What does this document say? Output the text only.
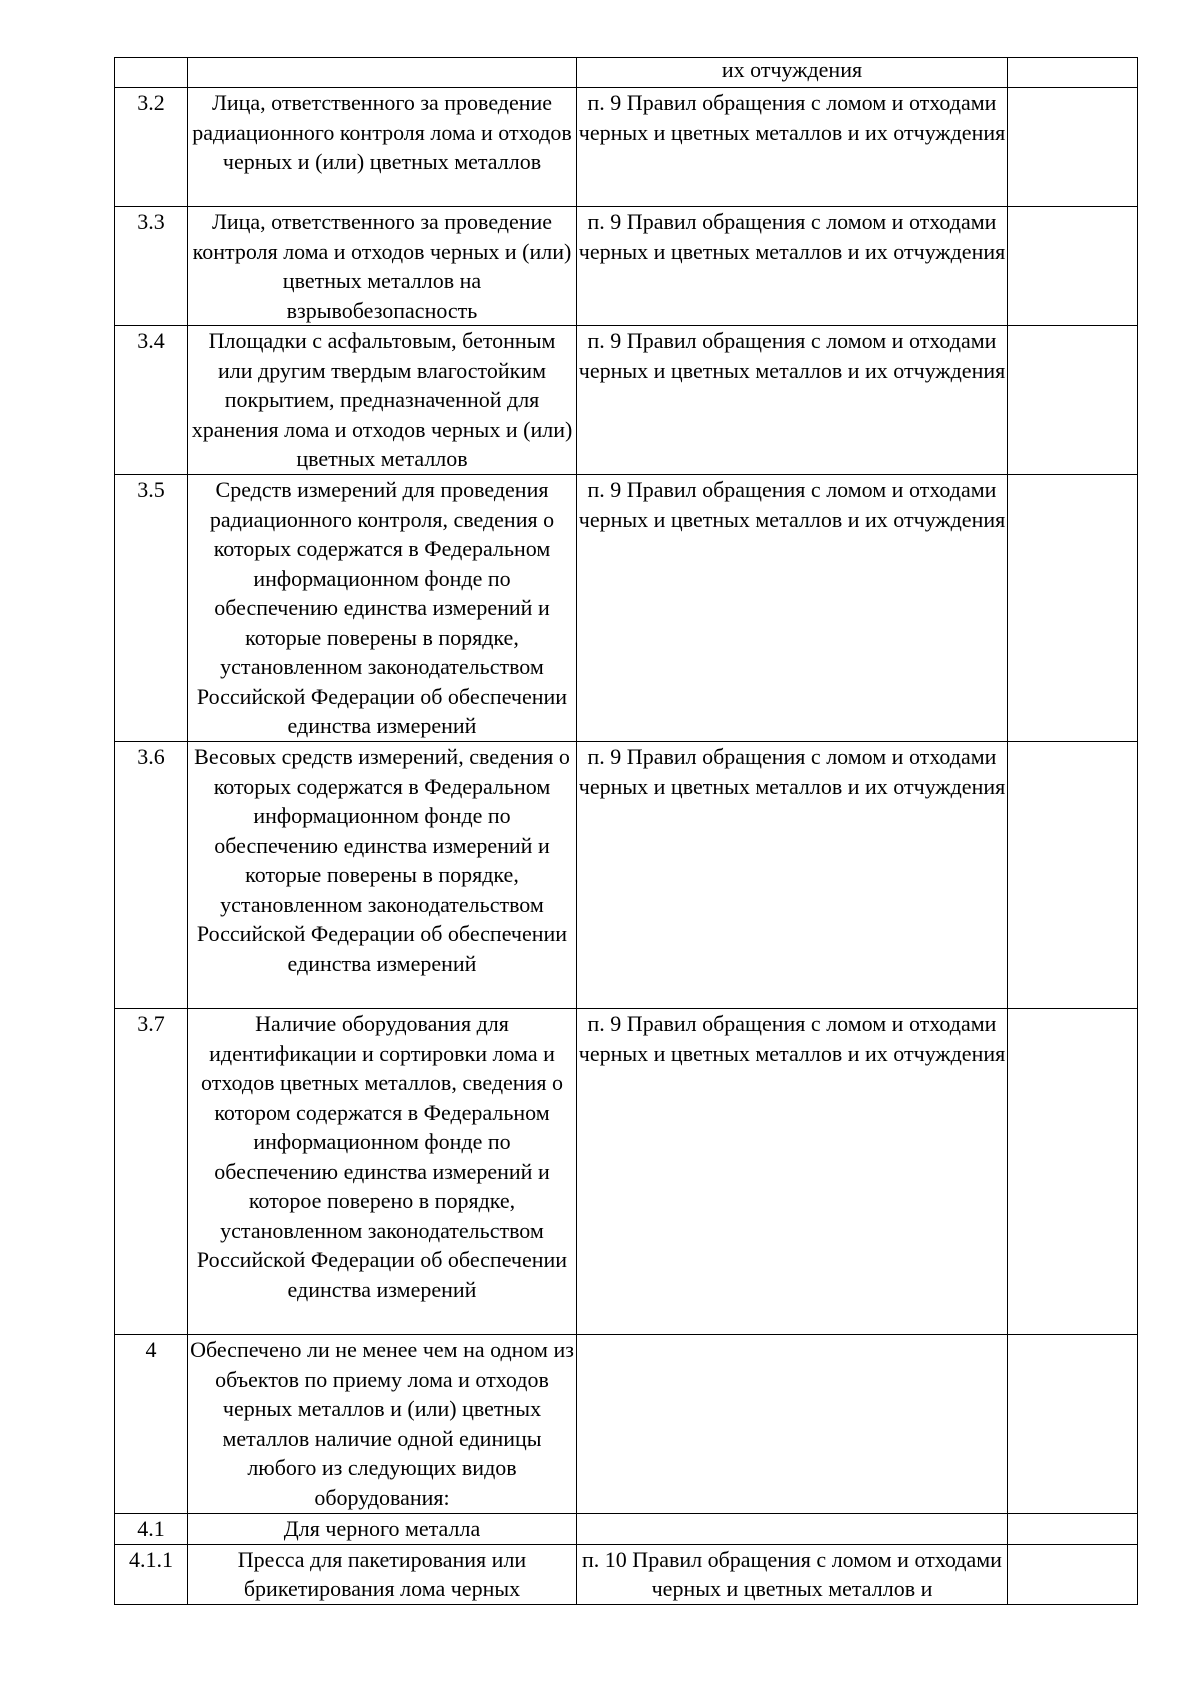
		их отчуждения	
3.2	Лица, ответственного за проведение радиационного контроля лома и отходов черных и (или) цветных металлов	п. 9 Правил обращения с ломом и отходами черных и цветных металлов и их отчуждения	
3.3	Лица, ответственного за проведение контроля лома и отходов черных и (или) цветных металлов на взрывобезопасность	п. 9 Правил обращения с ломом и отходами черных и цветных металлов и их отчуждения	
3.4	Площадки с асфальтовым, бетонным или другим твердым влагостойким покрытием, предназначенной для хранения лома и отходов черных и (или) цветных металлов	п. 9 Правил обращения с ломом и отходами черных и цветных металлов и их отчуждения	
3.5	Средств измерений для проведения радиационного контроля, сведения о которых содержатся в Федеральном информационном фонде по обеспечению единства измерений и которые поверены в порядке, установленном законодательством Российской Федерации об обеспечении единства измерений	п. 9 Правил обращения с ломом и отходами черных и цветных металлов и их отчуждения	
3.6	Весовых средств измерений, сведения о которых содержатся в Федеральном информационном фонде по обеспечению единства измерений и которые поверены в порядке, установленном законодательством Российской Федерации об обеспечении единства измерений	п. 9 Правил обращения с ломом и отходами черных и цветных металлов и их отчуждения	
3.7	Наличие оборудования для идентификации и сортировки лома и отходов цветных металлов, сведения о котором содержатся в Федеральном информационном фонде по обеспечению единства измерений и которое поверено в порядке, установленном законодательством Российской Федерации об обеспечении единства измерений	п. 9 Правил обращения с ломом и отходами черных и цветных металлов и их отчуждения	
4	Обеспечено ли не менее чем на одном из объектов по приему лома и отходов черных металлов и (или) цветных металлов наличие одной единицы любого из следующих видов оборудования:		
4.1	Для черного металла		
4.1.1	Пресса для пакетирования или брикетирования лома черных	п. 10 Правил обращения с ломом и отходами черных и цветных металлов и	
